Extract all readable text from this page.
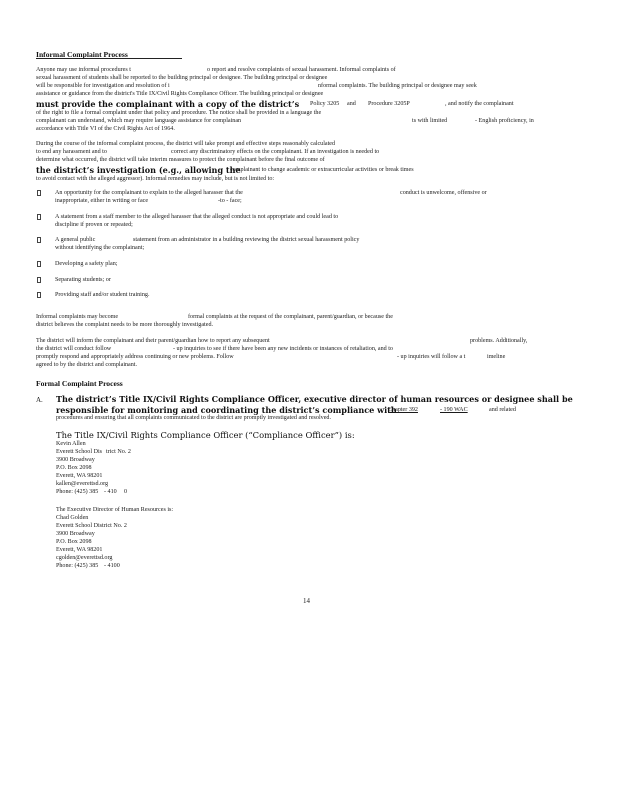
Informal Complaint Process
Anyone may use informal procedures t	o report and resolve complaints of sexual harassment. Informal complaints of
sexual harassment of students shall be reported to the building principal or designee. The building principal or designee
will be responsible for investigation and resolution of i	nformal complaints. The building principal or designee may seek
assistance or guidance from the district's Title IX/Civil Rights Compliance Officer. The building principal or designee
must provide the complainant with a copy of the district’s Policy 3205 and Procedure 3205P	, and notify the complainant
of the right to file a formal complaint under that policy and procedure. The notice shall be provided in a language the
complainant can understand, which may require language assistance for complainan	ts with limited	- English proficiency, in
accordance with Title VI of the Civil Rights Act of 1964.
During the course of the informal complaint process, the district will take prompt and effective steps reasonably calculated
to end any harassment and to	correct any discriminatory effects on the complainant. If an investigation is needed to
determine what occurred, the district will take interim measures to protect the complainant before the final outcome of
the district’s investigation (e.g., allowing the
complainant to change academic or extracurricular activities or break times
to avoid contact with the alleged aggressor). Informal remedies may include, but is not limited to:
An opportunity for the complainant to explain to the alleged harasser that the	conduct is unwelcome, offensive or
inappropriate, either in writing or face	-to - face;
A statement from a staff member to the alleged harasser that the alleged conduct is not appropriate and could lead to
discipline if proven or repeated;
A general public	statement from an administrator in a building reviewing the district sexual harassment policy
without identifying the complainant;
Developing a safety plan;
Separating students; or
Providing staff and/or student training.
Informal complaints may become	formal complaints at the request of the complainant, parent/guardian, or because the
district believes the complaint needs to be more thoroughly investigated.
The district will inform the complainant and their parent/guardian how to report any subsequent	problems. Additionally,
the district will conduct follow	- up inquiries to see if there have been any new incidents or instances of retaliation, and to
promptly respond and appropriately address continuing or new problems. Follow	- up inquiries will follow a t	imeline
agreed to by the district and complainant.
Formal Complaint Process
A. The district’s Title IX/Civil Rights Compliance Officer, executive director of human resources or designee shall be
responsible for monitoring and coordinating the district’s compliance with
Chapter 392	- 190 WAC	and related
procedures and ensuring that all complaints communicated to the district are promptly investigated and resolved.
The Title IX/Civil Rights Compliance Officer (“Compliance Officer”) is:
Kevin Allen
Everett School Dis trict No. 2
3900 Broadway
P.O. Box 2098
Everett, WA 98201
kallen@everettsd.org
Phone: (425) 385 - 410 0
The Executive Director of Human Resources is:
Chad Golden
Everett School District No. 2
3900 Broadway
P.O. Box 2098
Everett, WA 98201
cgolden@everettsd.org
Phone: (425) 385 - 4100
14
